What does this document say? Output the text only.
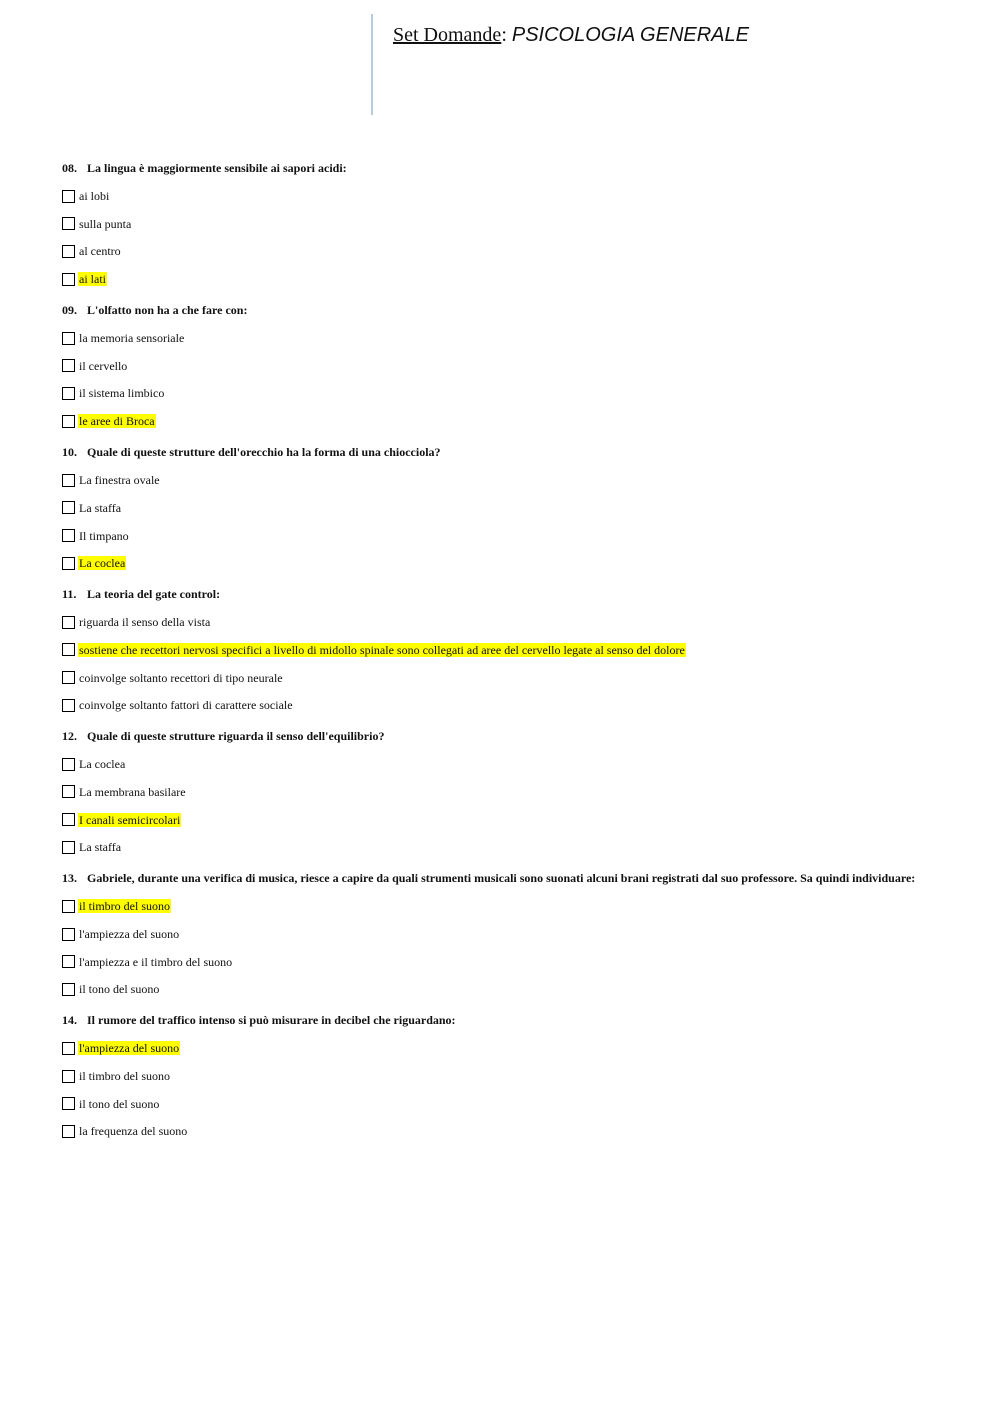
Set Domande: PSICOLOGIA GENERALE
08. La lingua è maggiormente sensibile ai sapori acidi:
ai lobi
sulla punta
al centro
ai lati
09. L'olfatto non ha a che fare con:
la memoria sensoriale
il cervello
il sistema limbico
le aree di Broca
10. Quale di queste strutture dell'orecchio ha la forma di una chiocciola?
La finestra ovale
La staffa
Il timpano
La coclea
11. La teoria del gate control:
riguarda il senso della vista
sostiene che recettori nervosi specifici a livello di midollo spinale sono collegati ad aree del cervello legate al senso del dolore
coinvolge soltanto recettori di tipo neurale
coinvolge soltanto fattori di carattere sociale
12. Quale di queste strutture riguarda il senso dell'equilibrio?
La coclea
La membrana basilare
I canali semicircolari
La staffa
13. Gabriele, durante una verifica di musica, riesce a capire da quali strumenti musicali sono suonati alcuni brani registrati dal suo professore. Sa quindi individuare:
il timbro del suono
l'ampiezza del suono
l'ampiezza e il timbro del suono
il tono del suono
14. Il rumore del traffico intenso si può misurare in decibel che riguardano:
l'ampiezza del suono
il timbro del suono
il tono del suono
la frequenza del suono
